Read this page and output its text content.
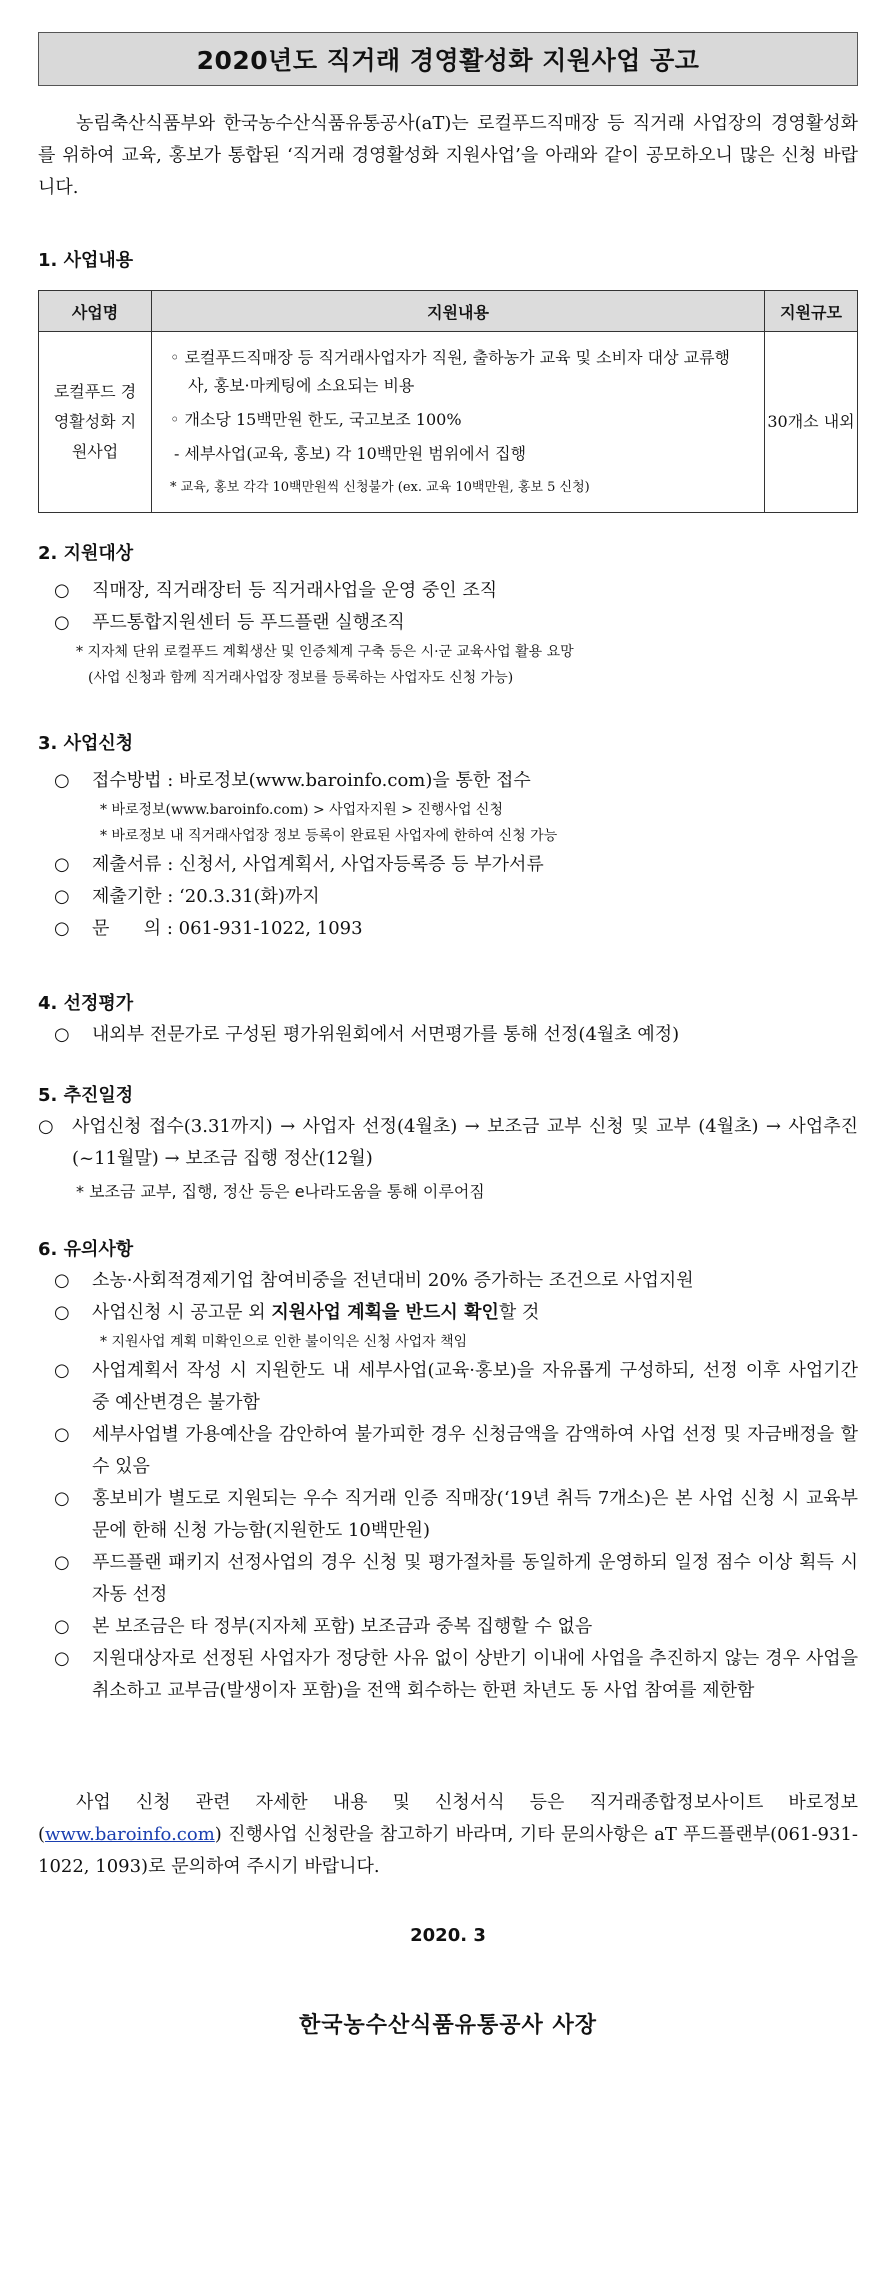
2020년도 직거래 경영활성화 지원사업 공고

농림축산식품부와 한국농수산식품유통공사(aT)는 로컬푸드직매장 등 직거래 사업장의 경영활성화를 위하여 교육, 홍보가 통합된 ‘직거래 경영활성화 지원사업’을 아래와 같이 공모하오니 많은 신청 바랍니다.

1. 사업내용
사업명	지원내용	지원규모
로컬푸드 경영활성화 지원사업	◦ 로컬푸드직매장 등 직거래사업자가 직원, 출하농가 교육 및 소비자 대상 교류행사, 홍보·마케팅에 소요되는 비용
◦ 개소당 15백만원 한도, 국고보조 100%
- 세부사업(교육, 홍보) 각 10백만원 범위에서 집행
* 교육, 홍보 각각 10백만원씩 신청불가 (ex. 교육 10백만원, 홍보 5 신청)	30개소 내외
2. 지원대상
○ 직매장, 직거래장터 등 직거래사업을 운영 중인 조직
○ 푸드통합지원센터 등 푸드플랜 실행조직
* 지자체 단위 로컬푸드 계획생산 및 인증체계 구축 등은 시·군 교육사업 활용 요망
(사업 신청과 함께 직거래사업장 정보를 등록하는 사업자도 신청 가능)
3. 사업신청
○ 접수방법 : 바로정보(www.baroinfo.com)을 통한 접수
* 바로정보(www.baroinfo.com) > 사업자지원 > 진행사업 신청
* 바로정보 내 직거래사업장 정보 등록이 완료된 사업자에 한하여 신청 가능
○ 제출서류 : 신청서, 사업계획서, 사업자등록증 등 부가서류
○ 제출기한 : ‘20.3.31(화)까지
○ 문      의 : 061-931-1022, 1093
4. 선정평가
○ 내외부 전문가로 구성된 평가위원회에서 서면평가를 통해 선정(4월초 예정)
5. 추진일정
○ 사업신청 접수(3.31까지) → 사업자 선정(4월초) → 보조금 교부 신청 및 교부 (4월초) → 사업추진(~11월말) → 보조금 집행 정산(12월)
* 보조금 교부, 집행, 정산 등은 e나라도움을 통해 이루어짐
6. 유의사항
○ 소농·사회적경제기업 참여비중을 전년대비 20% 증가하는 조건으로 사업지원
○ 사업신청 시 공고문 외 지원사업 계획을 반드시 확인할 것
* 지원사업 계획 미확인으로 인한 불이익은 신청 사업자 책임
○ 사업계획서 작성 시 지원한도 내 세부사업(교육·홍보)을 자유롭게 구성하되, 선정 이후 사업기간 중 예산변경은 불가함
○ 세부사업별 가용예산을 감안하여 불가피한 경우 신청금액을 감액하여 사업 선정 및 자금배정을 할 수 있음
○ 홍보비가 별도로 지원되는 우수 직거래 인증 직매장(‘19년 취득 7개소)은 본 사업 신청 시 교육부문에 한해 신청 가능함(지원한도 10백만원)
○ 푸드플랜 패키지 선정사업의 경우 신청 및 평가절차를 동일하게 운영하되 일정 점수 이상 획득 시 자동 선정
○ 본 보조금은 타 정부(지자체 포함) 보조금과 중복 집행할 수 없음
○ 지원대상자로 선정된 사업자가 정당한 사유 없이 상반기 이내에 사업을 추진하지 않는 경우 사업을 취소하고 교부금(발생이자 포함)을 전액 회수하는 한편 차년도 동 사업 참여를 제한함

사업 신청 관련 자세한 내용 및 신청서식 등은 직거래종합정보사이트 바로정보(www.baroinfo.com) 진행사업 신청란을 참고하기 바라며, 기타 문의사항은 aT 푸드플랜부(061-931-1022, 1093)로 문의하여 주시기 바랍니다.

2020. 3
한국농수산식품유통공사 사장
